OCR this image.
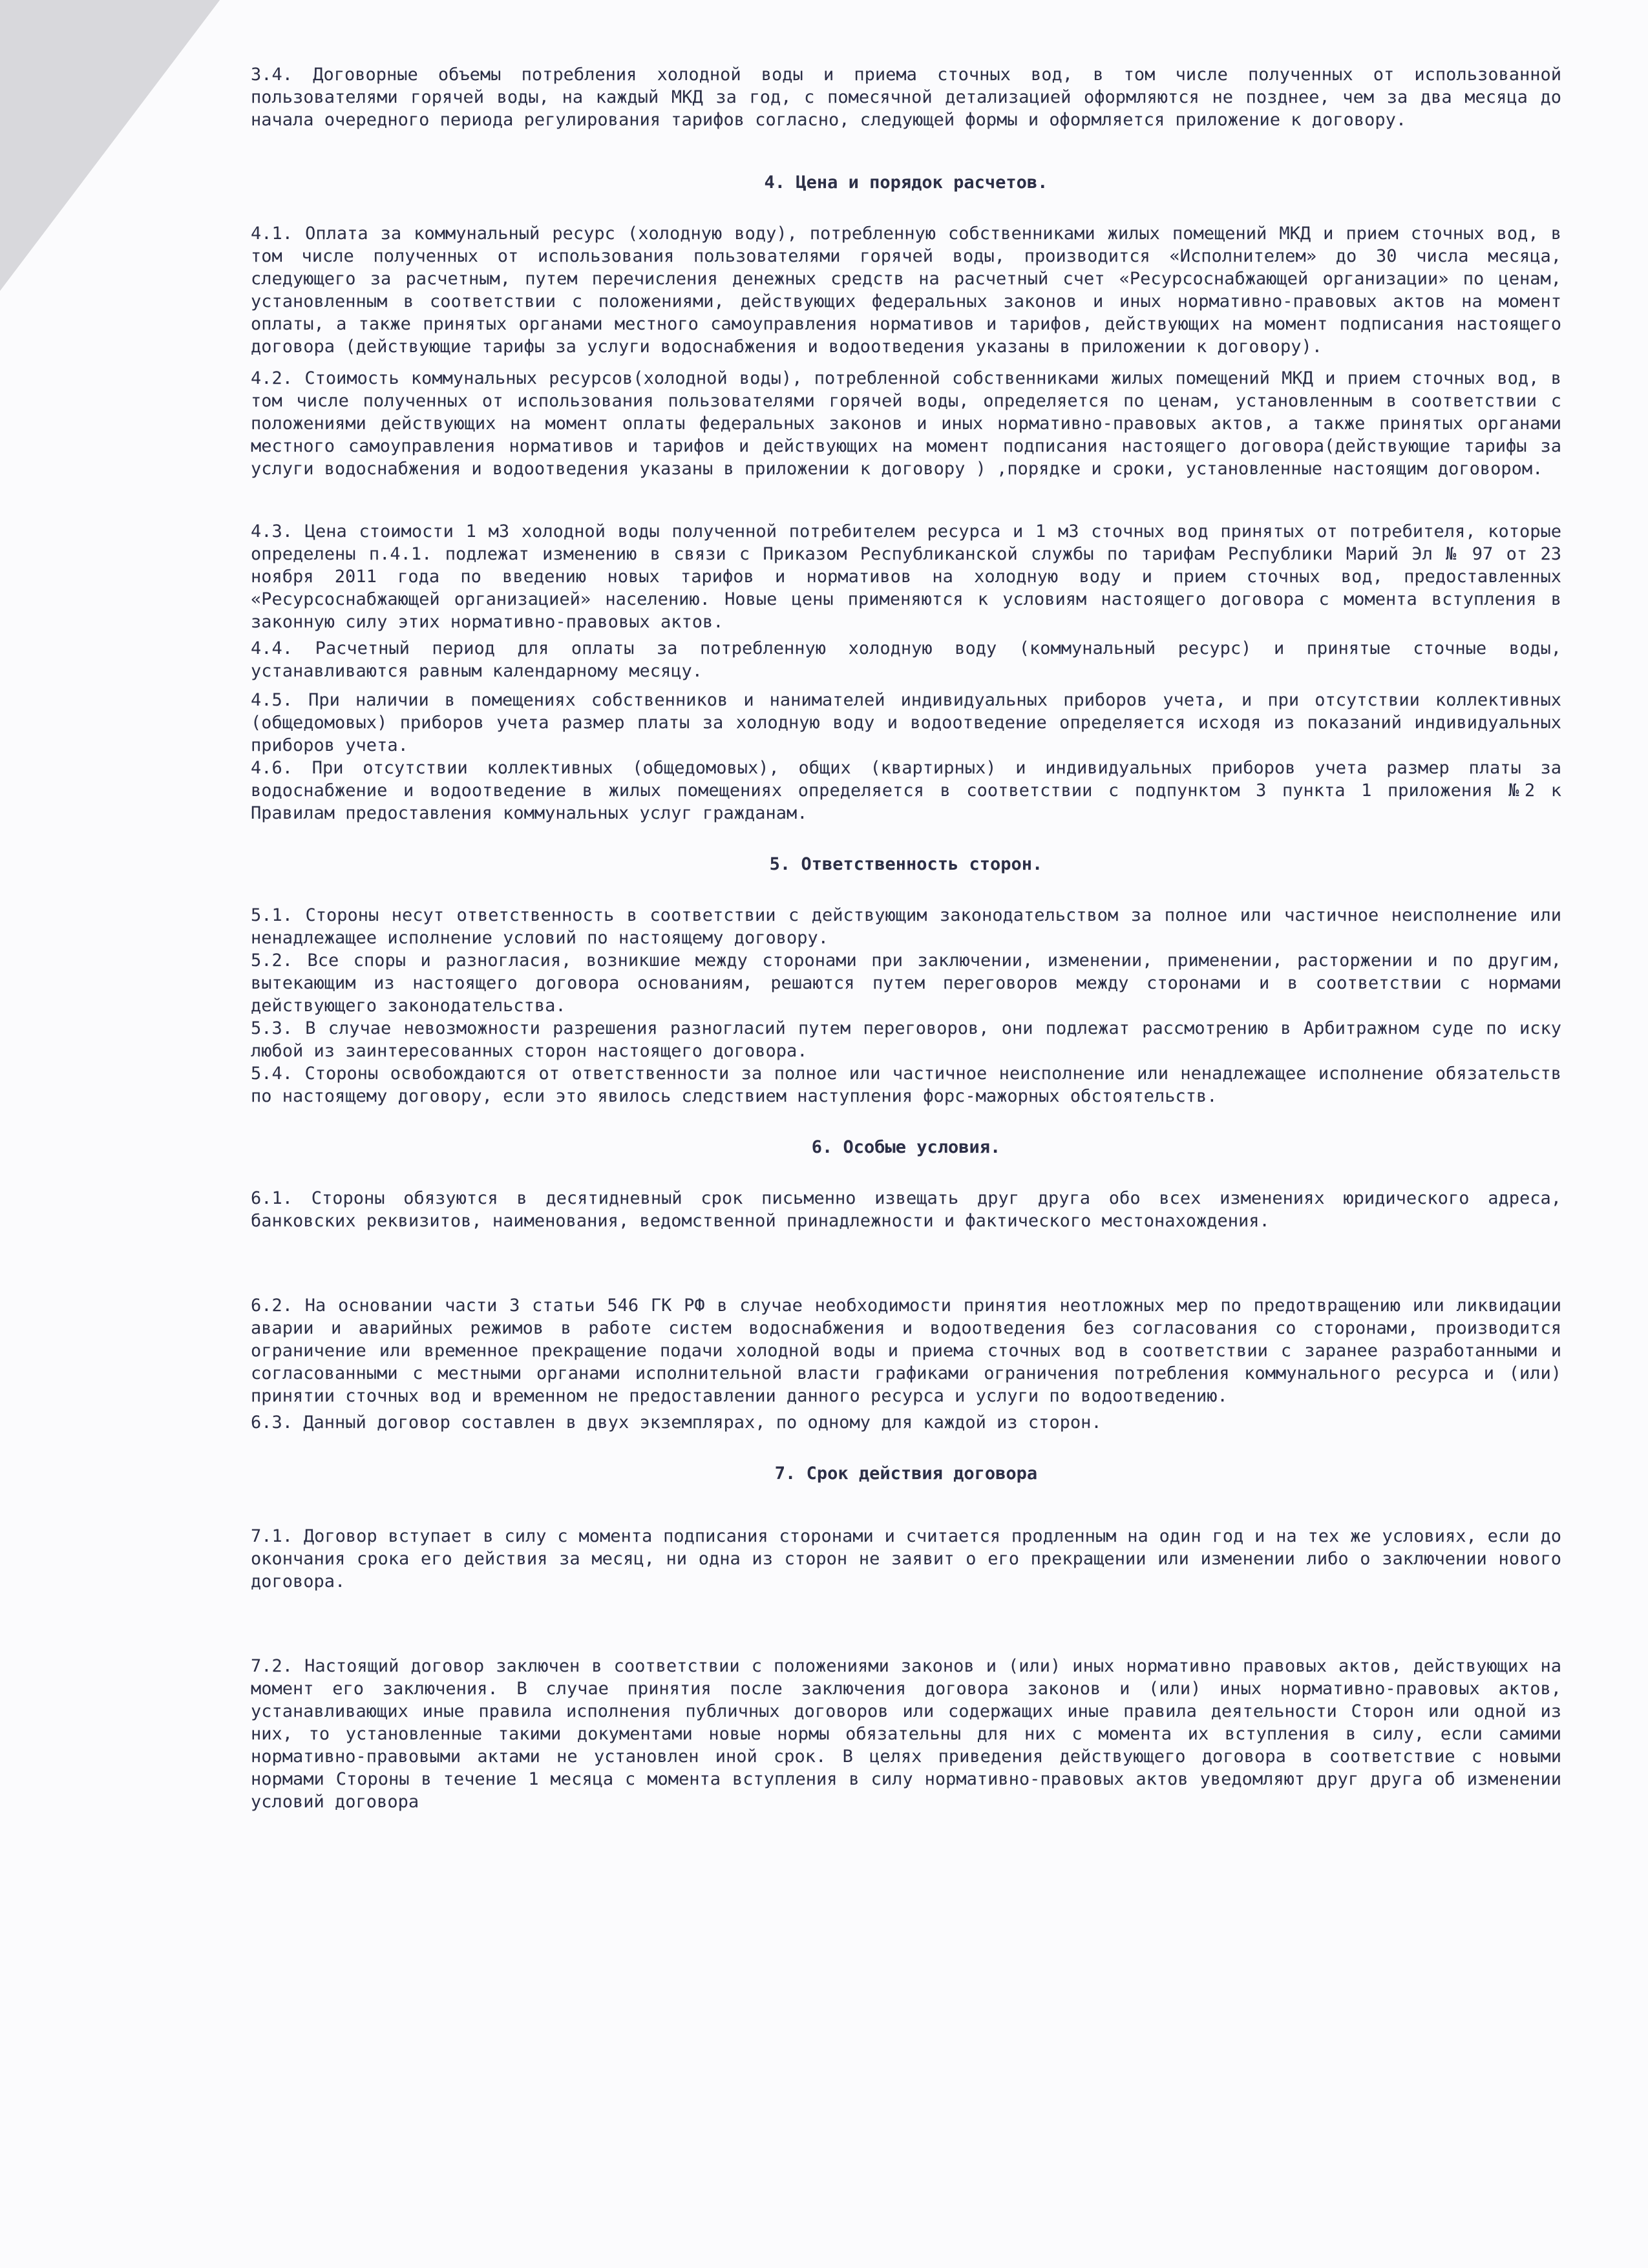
3.4. Договорные объемы потребления холодной воды и приема сточных вод, в том числе полученных от использованной пользователями горячей воды, на каждый МКД за год, с помесячной детализацией оформляются не позднее, чем за два месяца до начала очередного периода регулирования тарифов согласно, следующей формы и оформляется приложение к договору.

4. Цена и порядок расчетов.

4.1. Оплата за коммунальный ресурс (холодную воду), потребленную собственниками жилых помещений МКД и прием сточных вод, в том числе полученных от использования пользователями горячей воды, производится «Исполнителем» до 30 числа месяца, следующего за расчетным, путем перечисления денежных средств на расчетный счет «Ресурсоснабжающей организации» по ценам, установленным в соответствии с положениями, действующих федеральных законов и иных нормативно-правовых актов на момент оплаты, а также принятых органами местного самоуправления нормативов и тарифов, действующих на момент подписания настоящего договора (действующие тарифы за услуги водоснабжения и водоотведения указаны в приложении к договору).

4.2. Стоимость коммунальных ресурсов(холодной воды), потребленной собственниками жилых помещений МКД и прием сточных вод, в том числе полученных от использования пользователями горячей воды, определяется по ценам, установленным в соответствии с положениями действующих на момент оплаты федеральных законов и иных нормативно-правовых актов, а также принятых органами местного самоуправления нормативов и тарифов и действующих на момент подписания настоящего договора(действующие тарифы за услуги водоснабжения и водоотведения указаны в приложении к договору ) ,порядке и сроки, установленные настоящим договором.

4.3. Цена стоимости 1 м3 холодной воды полученной потребителем ресурса и 1 м3 сточных вод принятых от потребителя, которые определены п.4.1. подлежат изменению в связи с Приказом Республиканской службы по тарифам Республики Марий Эл № 97 от 23 ноября 2011 года по введению новых тарифов и нормативов на холодную воду и прием сточных вод, предоставленных «Ресурсоснабжающей организацией» населению. Новые цены применяются к условиям настоящего договора с момента вступления в законную силу этих нормативно-правовых актов.

4.4. Расчетный период для оплаты за потребленную холодную воду (коммунальный ресурс) и принятые сточные воды, устанавливаются равным календарному месяцу.

4.5. При наличии в помещениях собственников и нанимателей индивидуальных приборов учета, и при отсутствии коллективных (общедомовых) приборов учета размер платы за холодную воду и водоотведение определяется исходя из показаний индивидуальных приборов учета.

4.6. При отсутствии коллективных (общедомовых), общих (квартирных) и индивидуальных приборов учета размер платы за водоснабжение и водоотведение в жилых помещениях определяется в соответствии с подпунктом 3 пункта 1 приложения №2 к Правилам предоставления коммунальных услуг гражданам.

5. Ответственность сторон.

5.1. Стороны несут ответственность в соответствии с действующим законодательством за полное или частичное неисполнение или ненадлежащее исполнение условий по настоящему договору.

5.2. Все споры и разногласия, возникшие между сторонами при заключении, изменении, применении, расторжении и по другим, вытекающим из настоящего договора основаниям, решаются путем переговоров между сторонами и в соответствии с нормами действующего законодательства.

5.3. В случае невозможности разрешения разногласий путем переговоров, они подлежат рассмотрению в Арбитражном суде по иску любой из заинтересованных сторон настоящего договора.

5.4. Стороны освобождаются от ответственности за полное или частичное неисполнение или ненадлежащее исполнение обязательств по настоящему договору, если это явилось следствием наступления форс-мажорных обстоятельств.

6. Особые условия.

6.1. Стороны обязуются в десятидневный срок письменно извещать друг друга обо всех изменениях юридического адреса, банковских реквизитов, наименования, ведомственной принадлежности и фактического местонахождения.

6.2. На основании части 3 статьи 546 ГК РФ в случае необходимости принятия неотложных мер по предотвращению или ликвидации аварии и аварийных режимов в работе систем водоснабжения и водоотведения без согласования со сторонами, производится ограничение или временное прекращение подачи холодной воды и приема сточных вод в соответствии с заранее разработанными и согласованными с местными органами исполнительной власти графиками ограничения потребления коммунального ресурса и (или) принятии сточных вод и временном не предоставлении данного ресурса и услуги по водоотведению.

6.3. Данный договор составлен в двух экземплярах, по одному для каждой из сторон.

7. Срок действия договора

7.1. Договор вступает в силу с момента подписания сторонами и считается продленным на один год и на тех же условиях, если до окончания срока его действия за месяц, ни одна из сторон не заявит о его прекращении или изменении либо о заключении нового договора.

7.2. Настоящий договор заключен в соответствии с положениями законов и (или) иных нормативно правовых актов, действующих на момент его заключения. В случае принятия после заключения договора законов и (или) иных нормативно-правовых актов, устанавливающих иные правила исполнения публичных договоров или содержащих иные правила деятельности Сторон или одной из них, то установленные такими документами новые нормы обязательны для них с момента их вступления в силу, если самими нормативно-правовыми актами не установлен иной срок. В целях приведения действующего договора в соответствие с новыми нормами Стороны в течение 1 месяца с момента вступления в силу нормативно-правовых актов уведомляют друг друга об изменении условий договора
